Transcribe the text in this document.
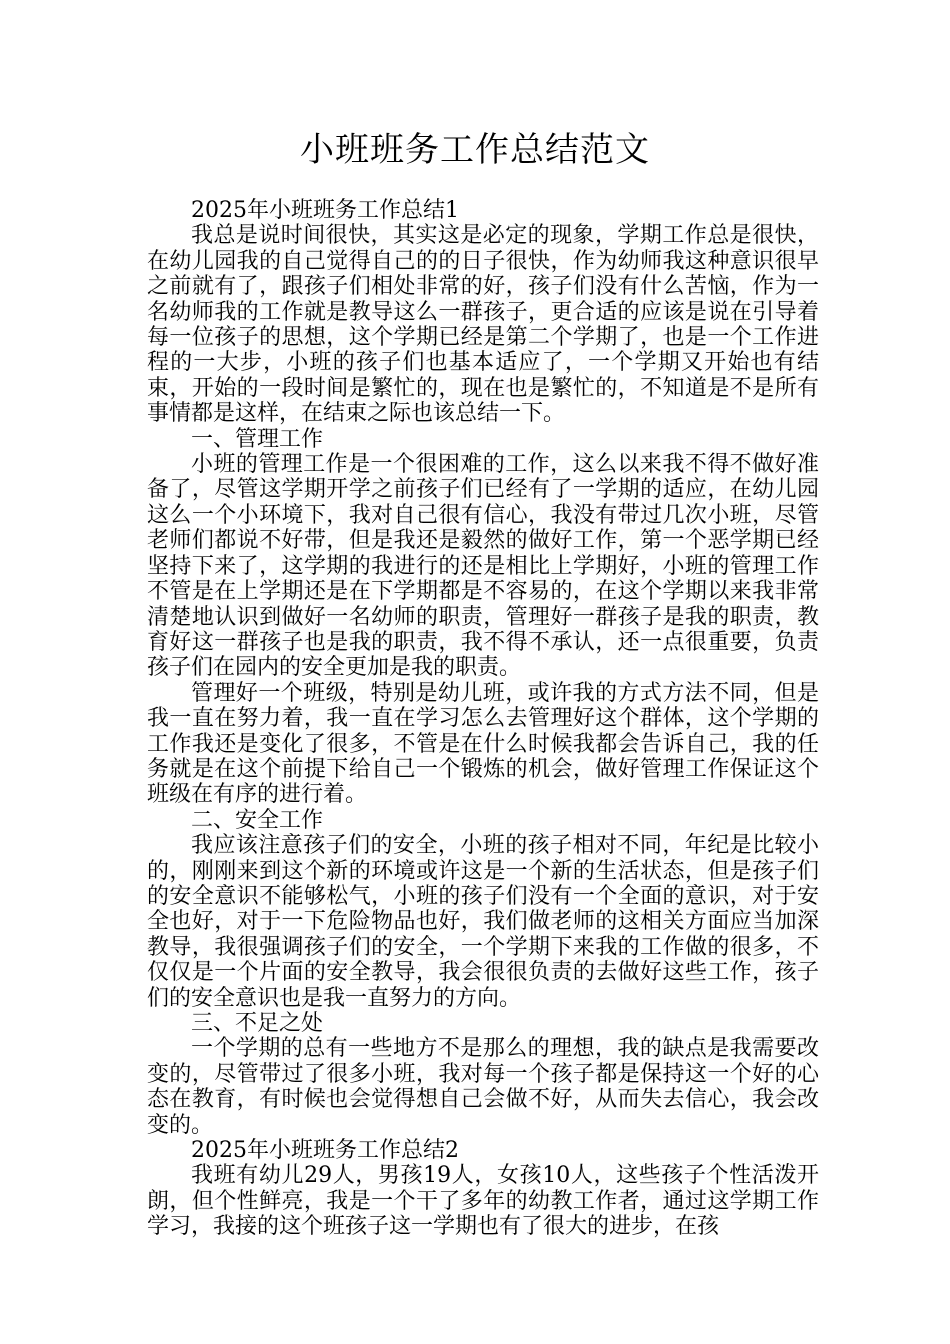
小班班务工作总结范文

2025年小班班务工作总结1

我总是说时间很快，其实这是必定的现象，学期工作总是很快，在幼儿园我的自己觉得自己的的日子很快，作为幼师我这种意识很早之前就有了，跟孩子们相处非常的好，孩子们没有什么苦恼，作为一名幼师我的工作就是教导这么一群孩子，更合适的应该是说在引导着每一位孩子的思想，这个学期已经是第二个学期了，也是一个工作进程的一大步，小班的孩子们也基本适应了，一个学期又开始也有结束，开始的一段时间是繁忙的，现在也是繁忙的，不知道是不是所有事情都是这样，在结束之际也该总结一下。

一、管理工作

小班的管理工作是一个很困难的工作，这么以来我不得不做好准备了，尽管这学期开学之前孩子们已经有了一学期的适应，在幼儿园这么一个小环境下，我对自己很有信心，我没有带过几次小班，尽管老师们都说不好带，但是我还是毅然的做好工作，第一个恶学期已经坚持下来了，这学期的我进行的还是相比上学期好，小班的管理工作不管是在上学期还是在下学期都是不容易的，在这个学期以来我非常清楚地认识到做好一名幼师的职责，管理好一群孩子是我的职责，教育好这一群孩子也是我的职责，我不得不承认，还一点很重要，负责孩子们在园内的安全更加是我的职责。

管理好一个班级，特别是幼儿班，或许我的方式方法不同，但是我一直在努力着，我一直在学习怎么去管理好这个群体，这个学期的工作我还是变化了很多，不管是在什么时候我都会告诉自己，我的任务就是在这个前提下给自己一个锻炼的机会，做好管理工作保证这个班级在有序的进行着。

二、安全工作

我应该注意孩子们的安全，小班的孩子相对不同，年纪是比较小的，刚刚来到这个新的环境或许这是一个新的生活状态，但是孩子们的安全意识不能够松气，小班的孩子们没有一个全面的意识，对于安全也好，对于一下危险物品也好，我们做老师的这相关方面应当加深教导，我很强调孩子们的安全，一个学期下来我的工作做的很多，不仅仅是一个片面的安全教导，我会很很负责的去做好这些工作，孩子们的安全意识也是我一直努力的方向。

三、不足之处

一个学期的总有一些地方不是那么的理想，我的缺点是我需要改变的，尽管带过了很多小班，我对每一个孩子都是保持这一个好的心态在教育，有时候也会觉得想自己会做不好，从而失去信心，我会改变的。

2025年小班班务工作总结2

我班有幼儿29人，男孩19人，女孩10人，这些孩子个性活泼开朗，但个性鲜亮，我是一个干了多年的幼教工作者，通过这学期工作学习，我接的这个班孩子这一学期也有了很大的进步，在孩
